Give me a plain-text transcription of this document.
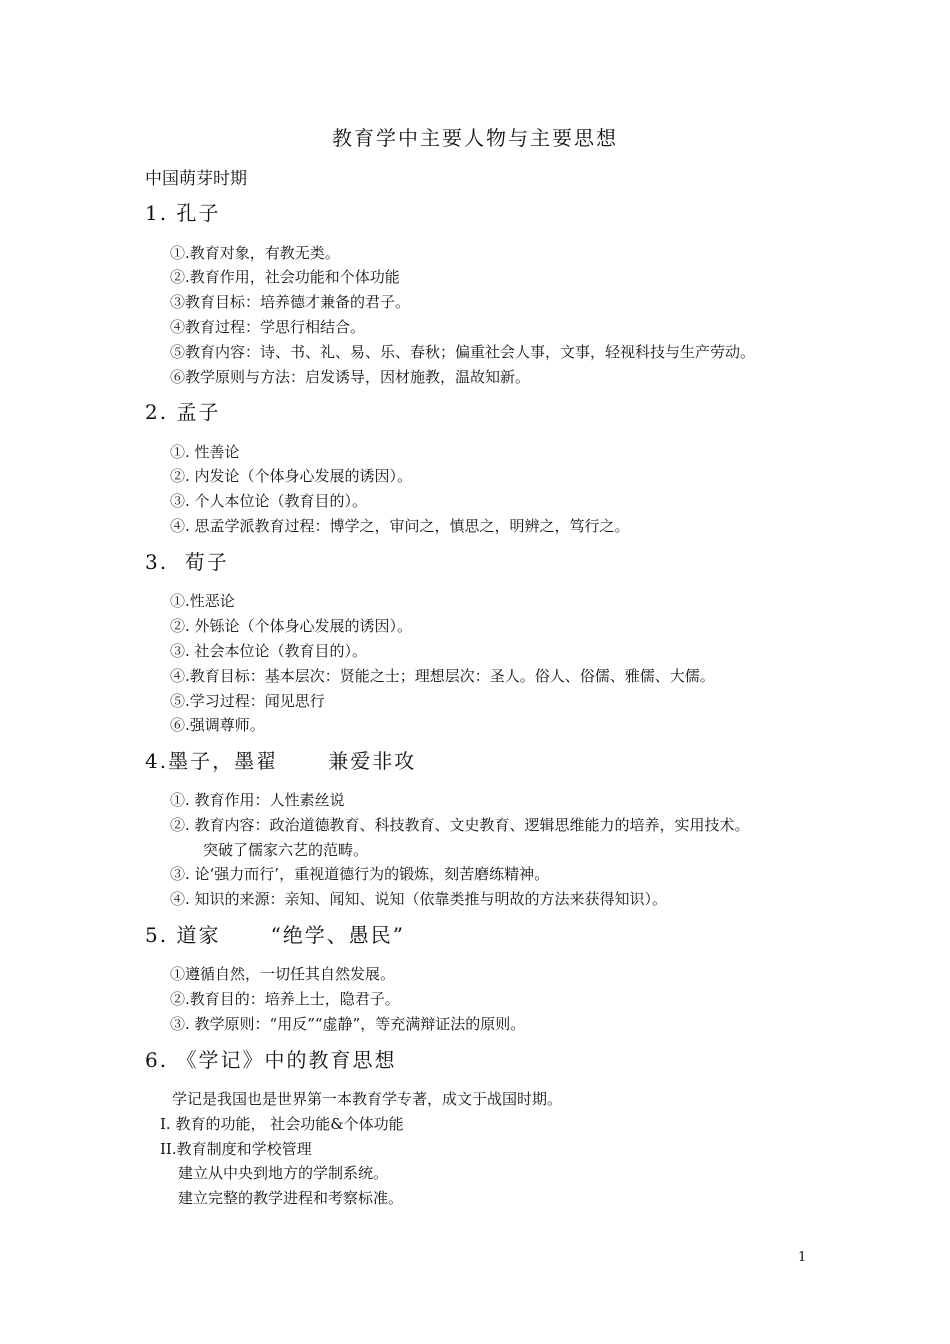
教育学中主要人物与主要思想
中国萌芽时期
1. 孔子
①.教育对象，有教无类。
②.教育作用，社会功能和个体功能
③教育目标：培养德才兼备的君子。
④教育过程：学思行相结合。
⑤教育内容：诗、书、礼、易、乐、春秋；偏重社会人事，文事，轻视科技与生产劳动。
⑥教学原则与方法：启发诱导，因材施教，温故知新。
2. 孟子
①. 性善论
②. 内发论（个体身心发展的诱因）。
③. 个人本位论（教育目的）。
④. 思孟学派教育过程：博学之，审问之，慎思之，明辨之，笃行之。
3.  荀子
①.性恶论
②. 外铄论（个体身心发展的诱因）。
③. 社会本位论（教育目的）。
④.教育目标：基本层次：贤能之士；理想层次：圣人。俗人、俗儒、雅儒、大儒。
⑤.学习过程：闻见思行
⑥.强调尊师。
4.墨子，墨翟      兼爱非攻
①. 教育作用：人性素丝说
②. 教育内容：政治道德教育、科技教育、文史教育、逻辑思维能力的培养，实用技术。
突破了儒家六艺的范畴。
③. 论‘强力而行’，重视道德行为的锻炼，刻苦磨练精神。
④. 知识的来源：亲知、闻知、说知（依靠类推与明故的方法来获得知识）。
5. 道家      “绝学、愚民”
①遵循自然，一切任其自然发展。
②.教育目的：培养上士，隐君子。
③. 教学原则：“用反”“虚静”，等充满辩证法的原则。
6. 《学记》中的教育思想
学记是我国也是世界第一本教育学专著，成文于战国时期。
I. 教育的功能， 社会功能&个体功能
II.教育制度和学校管理
建立从中央到地方的学制系统。
建立完整的教学进程和考察标准。
1
